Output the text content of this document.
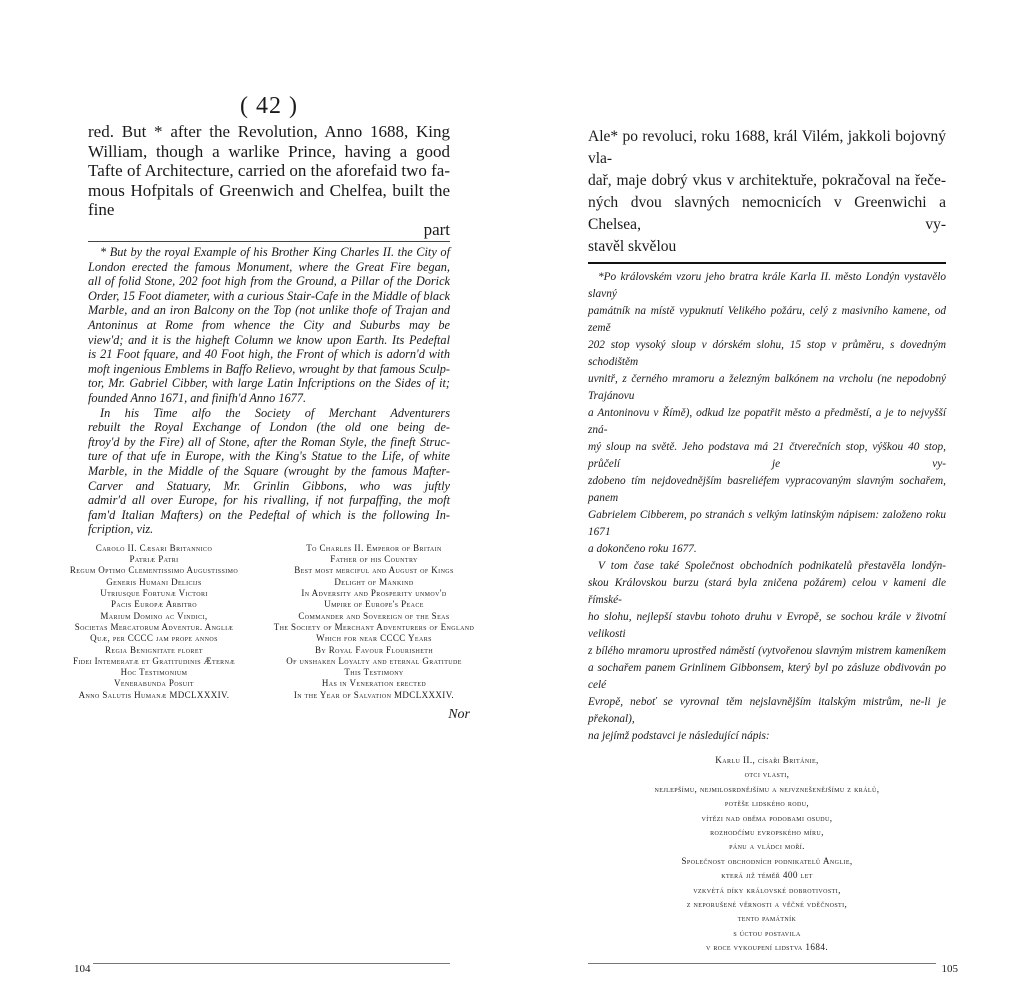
( 42 )
red. But * after the Revolution, Anno 1688, King
William, though a warlike Prince, having a good
Tafte of Architecture, carried on the aforefaid two fa-
mous Hofpitals of Greenwich and Chelfea, built the fine
part
* But by the royal Example of his Brother King Charles II. the City of
London erected the famous Monument, where the Great Fire began,
all of folid Stone, 202 foot high from the Ground, a Pillar of the Dorick
Order, 15 Foot diameter, with a curious Stair-Cafe in the Middle of black
Marble, and an iron Balcony on the Top (not unlike thofe of Trajan and
Antoninus at Rome from whence the City and Suburbs may be
view'd; and it is the higheft Column we know upon Earth. Its Pedeftal
is 21 Foot fquare, and 40 Foot high, the Front of which is adorn'd with
moft ingenious Emblems in Baffo Relievo, wrought by that famous Sculp-
tor, Mr. Gabriel Cibber, with large Latin Infcriptions on the Sides of it;
founded Anno 1671, and finifh'd Anno 1677.
In his Time alfo the Society of Merchant Adventurers
rebuilt the Royal Exchange of London (the old one being de-
ftroy'd by the Fire) all of Stone, after the Roman Style, the fineft Struc-
ture of that ufe in Europe, with the King's Statue to the Life, of white
Marble, in the Middle of the Square (wrought by the famous Mafter-
Carver and Statuary, Mr. Grinlin Gibbons, who was juftly
admir'd all over Europe, for his rivalling, if not furpaffing, the moft
fam'd Italian Mafters) on the Pedeftal of which is the following In-
fcription, viz.
Carolo II. Cæsari Britannico
Patriæ Patri
Regum Optimo Clementissimo Augustissimo
Generis Humani Delicijs
Utriusque Fortunæ Victori
Pacis Europæ Arbitro
Marium Domino ac Vindici,
Societas Mercatorum Adventur. Angliæ
Quæ, per CCCC jam prope annos
Regia Benignitate floret
Fidei Intemeratæ et Gratitudinis Æternæ
Hoc Testimonium
Venerabunda Posuit
Anno Salutis Humanæ MDCLXXXIV.
To Charles II. Emperor of Britain
Father of his Country
Best most merciful and August of Kings
Delight of Mankind
In Adversity and Prosperity unmov'd
Umpire of Europe's Peace
Commander and Sovereign of the Seas
The Society of Merchant Adventurers of England
Which for near CCCC Years
By Royal Favour Flourisheth
Of unshaken Loyalty and eternal Gratitude
This Testimony
Has in Veneration erected
In the Year of Salvation MDCLXXXIV.
Nor
104
Ale* po revoluci, roku 1688, král Vilém, jakkoli bojovný vla-
dař, maje dobrý vkus v architektuře, pokračoval na řeče-
ných dvou slavných nemocnicích v Greenwichi a Chelsea, vy-
stavěl skvělou
*Po královském vzoru jeho bratra krále Karla II. město Londýn vystavělo slavný
památník na místě vypuknutí Velikého požáru, celý z masivního kamene, od země
202 stop vysoký sloup v dórském slohu, 15 stop v průměru, s dovedným schodištěm
uvnitř, z černého mramoru a železným balkónem na vrcholu (ne nepodobný Trajánovu
a Antoninovu v Římě), odkud lze popatřit město a předměstí, a je to nejvyšší zná-
mý sloup na světě. Jeho podstava má 21 čtverečních stop, výškou 40 stop, průčelí je vy-
zdobeno tím nejdovednějším basreliéfem vypracovaným slavným sochařem, panem
Gabrielem Cibberem, po stranách s velkým latinským nápisem: založeno roku 1671
a dokončeno roku 1677.
V tom čase také Společnost obchodních podnikatelů přestavěla londýn-
skou Královskou burzu (stará byla zničena požárem) celou v kameni dle římské-
ho slohu, nejlepší stavbu tohoto druhu v Evropě, se sochou krále v životní velikosti
z bílého mramoru uprostřed náměstí (vytvořenou slavným mistrem kameníkem
a sochařem panem Grinlinem Gibbonsem, který byl po zásluze obdivován po celé
Evropě, neboť se vyrovnal těm nejslavnějším italským mistrům, ne-li je překonal),
na jejímž podstavci je následující nápis:
Karlu II., císaři Británie,
otci vlasti,
nejlepšímu, nejmilosrdnějšímu a nejvznešenějšímu z králů,
potěše lidského rodu,
vítězi nad oběma podobami osudu,
rozhodčímu evropského míru,
pánu a vládci moří.
Společnost obchodních podnikatelů Anglie,
která již téměř 400 let
vzkvétá díky královské dobrotivosti,
z neporušené věrnosti a věčné vděčnosti,
tento památník
s úctou postavila
v roce vykoupení lidstva 1684.
105
